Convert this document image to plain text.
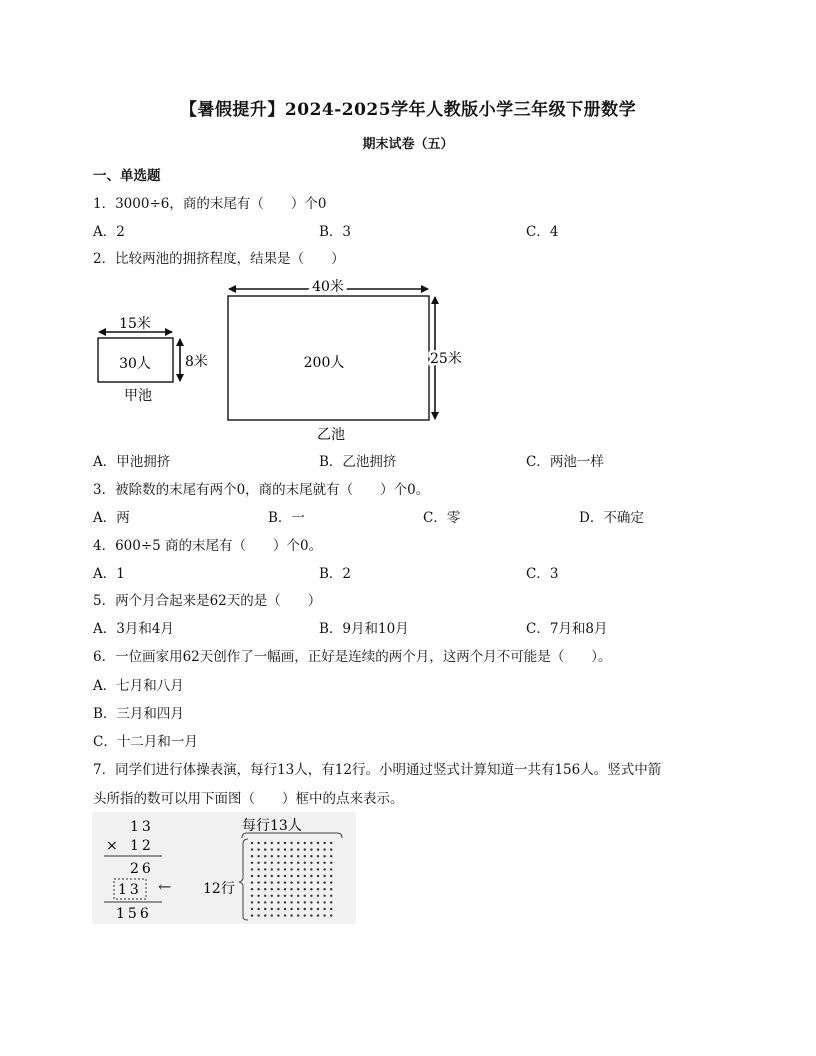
【暑假提升】2024-2025学年人教版小学三年级下册数学
期末试卷（五）
一、单选题
1．3000÷6，商的末尾有（　　）个0
A．2	B．3	C．4
2．比较两池的拥挤程度，结果是（　　）
15米
8米
30人
甲池
40米
25米
200人
乙池
A．甲池拥挤	B．乙池拥挤	C．两池一样
3．被除数的末尾有两个0，商的末尾就有（　　）个0。
A．两	B．一	C．零	D．不确定
4．600÷5 商的末尾有（　　）个0。
A．1	B．2	C．3
5．两个月合起来是62天的是（　　）
A．3月和4月	B．9月和10月	C．7月和8月
6．一位画家用62天创作了一幅画，正好是连续的两个月，这两个月不可能是（　　）。
A．七月和八月
B．三月和四月
C．十二月和一月
7．同学们进行体操表演，每行13人，有12行。小明通过竖式计算知道一共有156人。竖式中箭
头所指的数可以用下面图（　　）框中的点来表示。
13
× 12
26
13
156
←
每行13人
12行
